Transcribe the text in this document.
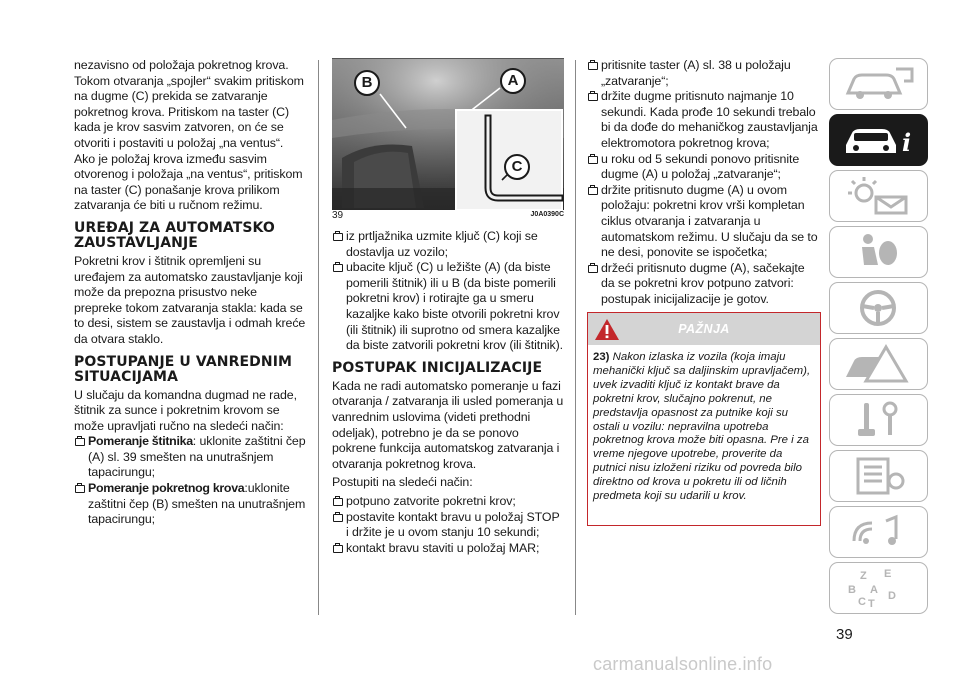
nezavisno od položaja pokretnog krova. Tokom otvaranja „spojler“ svakim pritiskom na dugme (C) prekida se zatvaranje pokretnog krova. Pritiskom na taster (C) kada je krov sasvim zatvoren, on će se otvoriti i postaviti u položaj „na ventus“.

Ako je položaj krova između sasvim otvorenog i položaja „na ventus“, pritiskom na taster (C) ponašanje krova prilikom zatvaranja će biti u ručnom režimu.

UREĐAJ ZA AUTOMATSKO ZAUSTAVLJANJE

Pokretni krov i štitnik opremljeni su uređajem za automatsko zaustavljanje koji može da prepozna prisustvo neke prepreke tokom zatvaranja stakla: kada se to desi, sistem se zaustavlja i odmah kreće da otvara staklo.

POSTUPANJE U VANREDNIM SITUACIJAMA

U slučaju da komandna dugmad ne rade, štitnik za sunce i pokretnim krovom se može upravljati ručno na sledeći način:

Pomeranje štitnika: uklonite zaštitni čep (A) sl. 39 smešten na unutrašnjem tapacirungu;

Pomeranje pokretnog krova:uklonite zaštitni čep (B) smešten na unutrašnjem tapacirungu;

B	A
C
39	J0A0390C

iz prtljažnika uzmite ključ (C) koji se dostavlja uz vozilo;

ubacite ključ (C) u ležište (A) (da biste pomerili štitnik) ili u B (da biste pomerili pokretni krov) i rotirajte ga u smeru kazaljke kako biste otvorili pokretni krov (ili štitnik) ili suprotno od smera kazaljke da biste zatvorili pokretni krov (ili štitnik).

POSTUPAK INICIJALIZACIJE

Kada ne radi automatsko pomeranje u fazi otvaranja / zatvaranja ili usled pomeranja u vanrednim uslovima (videti prethodni odeljak), potrebno je da se ponovo pokrene funkcija automatskog zatvaranja i otvaranja pokretnog krova.

Postupiti na sledeći način:

potpuno zatvorite pokretni krov;

postavite kontakt bravu u položaj STOP i držite je u ovom stanju 10 sekundi;

kontakt bravu staviti u položaj MAR;

pritisnite taster (A) sl. 38 u položaju „zatvaranje“;

držite dugme pritisnuto najmanje 10 sekundi. Kada prođe 10 sekundi trebalo bi da dođe do mehaničkog zaustavljanja elektromotora pokretnog krova;

u roku od 5 sekundi ponovo pritisnite dugme (A) u položaj „zatvaranje“;

držite pritisnuto dugme (A) u ovom položaju: pokretni krov vrši kompletan ciklus otvaranja i zatvaranja u automatskom režimu. U slučaju da se to ne desi, ponovite se ispočetka;

držeći pritisnuto dugme (A), sačekajte da se pokretni krov potpuno zatvori: postupak inicijalizacije je gotov.

PAŽNJA
23) Nakon izlaska iz vozila (koja imaju mehanički ključ sa daljinskim upravljačem), uvek izvaditi ključ iz kontakt brave da pokretni krov, slučajno pokrenut, ne predstavlja opasnost za putnike koji su ostali u vozilu: nepravilna upotreba pokretnog krova može biti opasna. Pre i za vreme njegove upotrebe, proverite da putnici nisu izloženi riziku od povreda bilo direktno od krova u pokretu ili od ličnih predmeta koji su udarili u krov.
i
Z E
B A
C T
D
39
carmanualsonline.info
